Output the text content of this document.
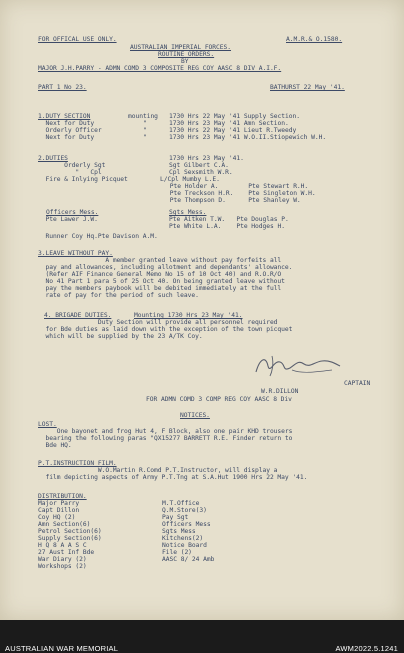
FOR OFFICAL USE ONLY.	A.M.R.& O.1580.
AUSTRALIAN IMPERIAL FORCES.
ROUTINE ORDERS.
BY
MAJOR J.H.PARRY - ADMN COMD 3 COMPOSITE REG COY AASC 8 DIV A.I.F.
PART 1 No 23.	BATHURST 22 May '41.
1.DUTY SECTION	mounting 1730 Hrs 22 May '41 Supply Section.
Next for Duty	"	1730 Hrs 23 May '41 Amn Section.
Orderly Officer	"	1730 Hrs 22 May '41 Lieut R.Tweedy
Next for Duty	"	1730 Hrs 23 May '41 W.O.II.Stiopewich W.H.
2.DUTIES	1730 Hrs 23 May '41.
Orderly Sgt	Sgt Gilbert C.A.
"   Cpl	Cpl Sexsmith W.R.
Fire & Inlying Picquet	L/Cpl Mumby L.E.
Pte Holder A.        Pte Stewart R.H.
Pte Treckson H.R.    Pte Singleton W.H.
Pte Thompson D.      Pte Shanley W.
Officers Mess.	Sgts Mess.
Pte Lawer J.W.	Pte Aitken T.W.   Pte Douglas P.
Pte White L.A.    Pte Hodges H.
Runner Coy Hq.Pte Davison A.M.
3.LEAVE WITHOUT PAY.
A member granted leave without pay forfeits all
pay and allowances, including allotment and dependants' allowance.
(Refer AIF Finance General Memo No 15 of 10 Oct 40) and R.O.R/O
No 41 Part 1 para 5 of 25 Oct 40. On being granted leave without
pay the members paybook will be debited immediately at the full
rate of pay for the period of such leave.
4. BRIGADE DUTIES.	Mounting 1730 Hrs 23 May '41.
Duty Section will provide all personnel required
for Bde duties as laid down with the exception of the town picquet
which will be supplied by the 23 A/TK Coy.
CAPTAIN
W.R.DILLON
FOR ADMN COMD 3 COMP REG COY AASC 8 Div
NOTICES.
LOST.
One bayonet and frog Hut 4, F Block, also one pair KHD trousers
bearing the following paras "QX15277 BARRETT R.E. Finder return to
Bde HQ.
P.T.INSTRUCTION FILM.
W.O.Martin R.Comd P.T.Instructor, will display a
film depicting aspects of Army P.T.Tng at S.A.Hut 1900 Hrs 22 May '41.
DISTRIBUTION.
Major Parry
Capt Dillon
Coy HQ (2)
Amn Section(6)
Petrol Section(6)
Supply Section(6)
H Q 8 A A S C
27 Aust Inf Bde
War Diary (2)
Workshops (2)
M.T.Office
Q.M.Store(3)
Pay Sgt
Officers Mess
Sgts Mess
Kitchens(2)
Notice Board
File (2)
AASC 8/ 24 Amb
AUSTRALIAN WAR MEMORIAL	AWM2022.5.1241
